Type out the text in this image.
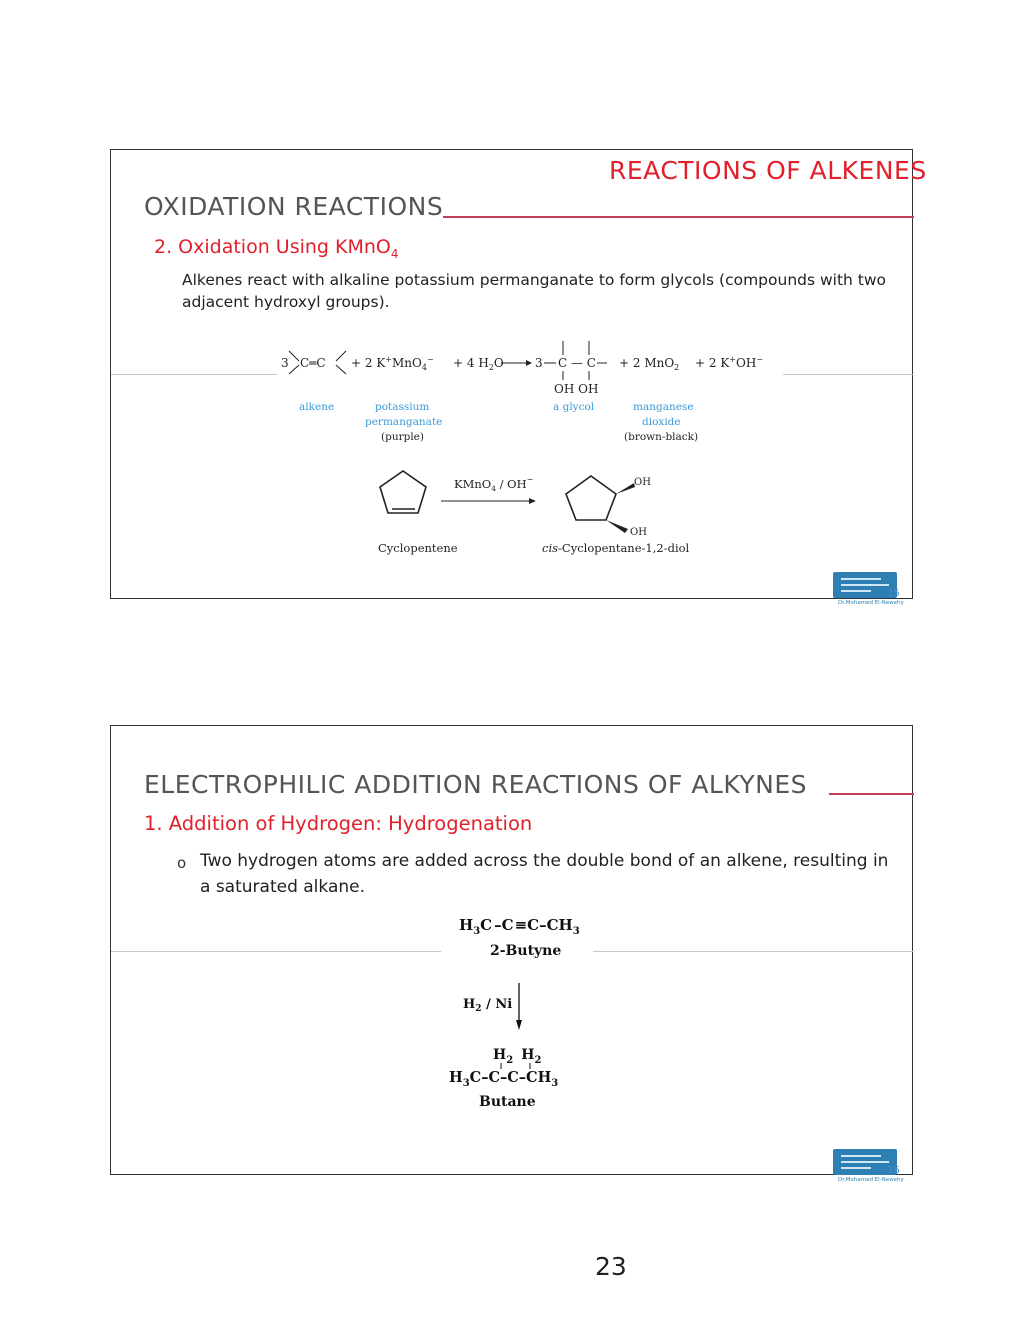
REACTIONS OF ALKENES
OXIDATION REACTIONS
2. Oxidation Using KMnO$_4$
Alkenes react with alkaline potassium permanganate to form glycols (compounds with two adjacent hydroxyl groups).
3 C═C + 2 K+MnO$_4$− + 4 $H_2O$	3 C — C
OH OH
+ 2 MnO$_2$ + 2 K+OH−
alkene	potassium
permanganate
(purple)
a glycol	manganese
dioxide
(brown-black)
KMnO$_4$ / OH−	OH
OH
Cyclopentene	cis-Cyclopentane-1,2-diol
15
Dr.Mohamed El-Newehy
ELECTROPHILIC ADDITION REACTIONS OF ALKYNES
1. Addition of Hydrogen: Hydrogenation
o Two hydrogen atoms are added across the double bond of an alkene, resulting in a saturated alkane.
$H_3C$ $-C\equiv C-CH_3$
2-Butyne
$H_2$ / Ni
$H_2$ $H_2$
$H_3C-C-C-CH_3$
Butane
16
Dr.Mohamed El-Newehy
23
